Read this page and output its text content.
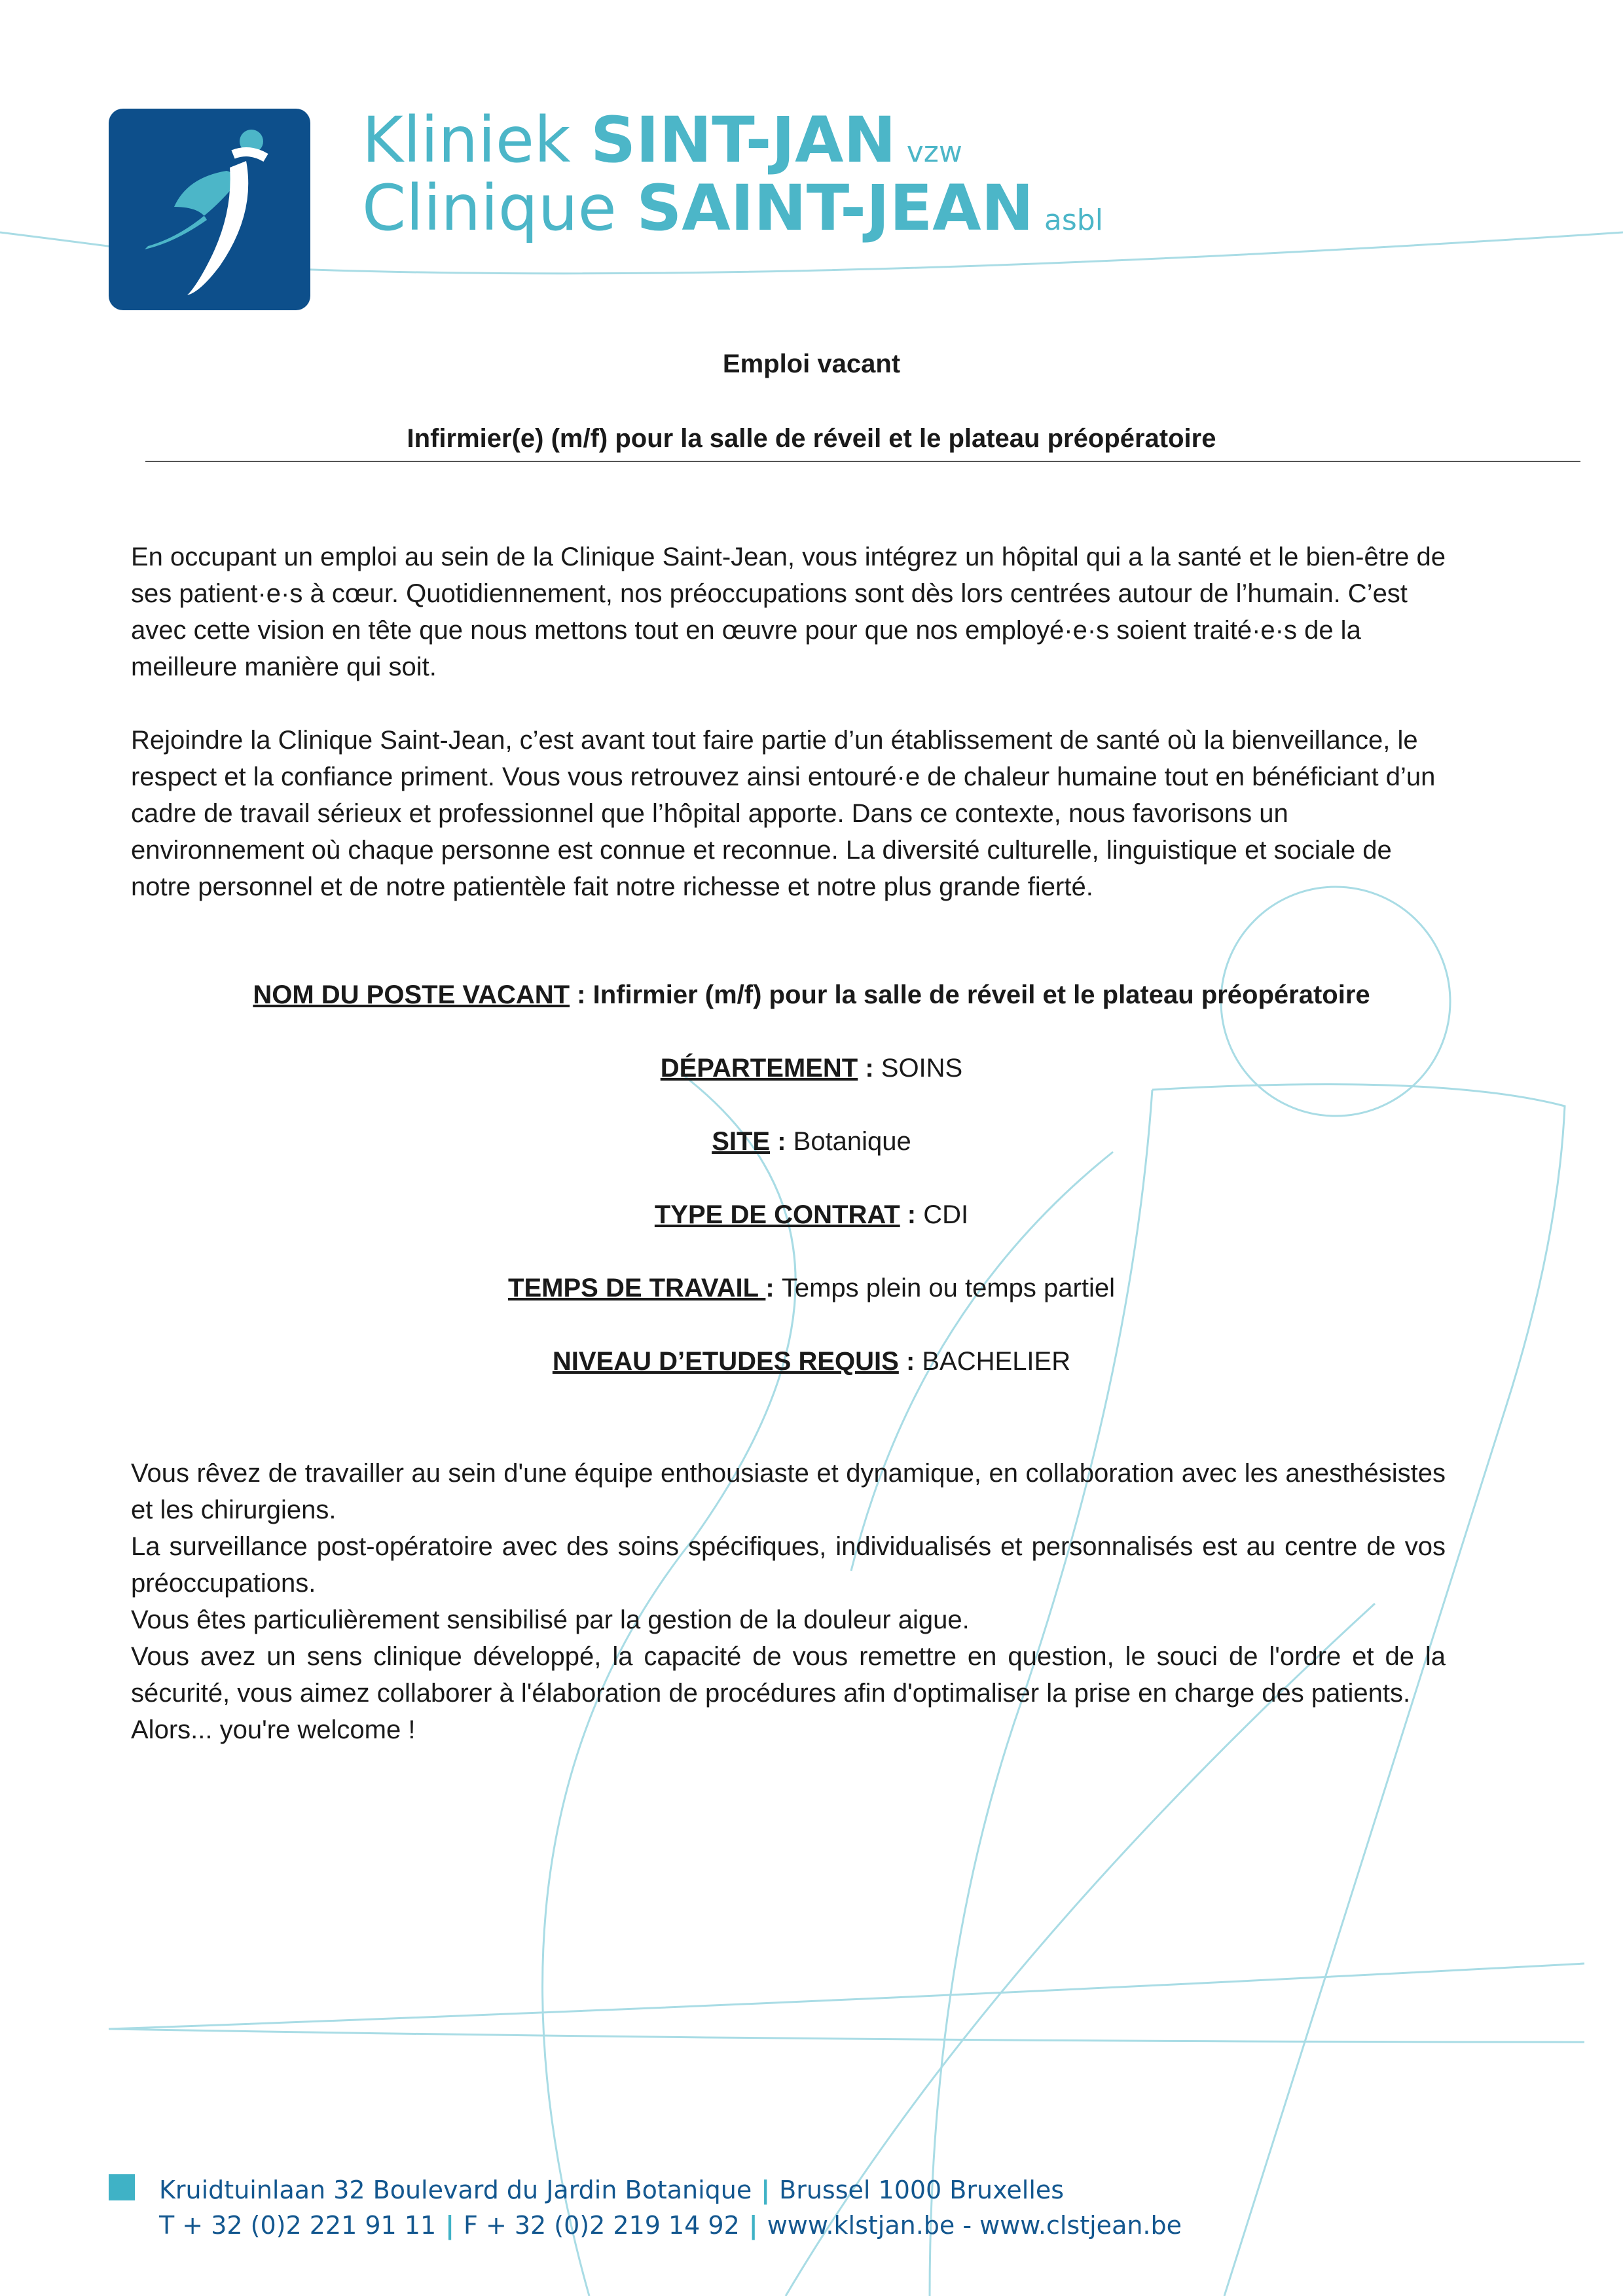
Kliniek SINT-JAN vzw
Clinique SAINT-JEAN asbl
Emploi vacant
Infirmier(e) (m/f) pour la salle de réveil et le plateau préopératoire

En occupant un emploi au sein de la Clinique Saint-Jean, vous intégrez un hôpital qui a la santé et le bien-être de ses patient·e·s à cœur. Quotidiennement, nos préoccupations sont dès lors centrées autour de l’humain. C’est avec cette vision en tête que nous mettons tout en œuvre pour que nos employé·e·s soient traité·e·s de la meilleure manière qui soit.

Rejoindre la Clinique Saint-Jean, c’est avant tout faire partie d’un établissement de santé où la bienveillance, le respect et la confiance priment. Vous vous retrouvez ainsi entouré·e de chaleur humaine tout en bénéficiant d’un cadre de travail sérieux et professionnel que l’hôpital apporte. Dans ce contexte, nous favorisons un environnement où chaque personne est connue et reconnue. La diversité culturelle, linguistique et sociale de notre personnel et de notre patientèle fait notre richesse et notre plus grande fierté.

NOM DU POSTE VACANT : Infirmier (m/f) pour la salle de réveil et le plateau préopératoire
DÉPARTEMENT : SOINS
SITE : Botanique
TYPE DE CONTRAT : CDI
TEMPS DE TRAVAIL : Temps plein ou temps partiel
NIVEAU D’ETUDES REQUIS : BACHELIER

Vous rêvez de travailler au sein d'une équipe enthousiaste et dynamique, en collaboration avec les anesthésistes et les chirurgiens.

La surveillance post-opératoire avec des soins spécifiques, individualisés et personnalisés est au centre de vos préoccupations.

Vous êtes particulièrement sensibilisé par la gestion de la douleur aigue.

Vous avez un sens clinique développé, la capacité de vous remettre en question, le souci de l'ordre et de la sécurité, vous aimez collaborer à l'élaboration de procédures afin d'optimaliser la prise en charge des patients.

Alors... you're welcome !

Kruidtuinlaan 32 Boulevard du Jardin Botanique | Brussel 1000 Bruxelles
T + 32 (0)2 221 91 11 | F + 32 (0)2 219 14 92 | www.klstjan.be - www.clstjean.be
